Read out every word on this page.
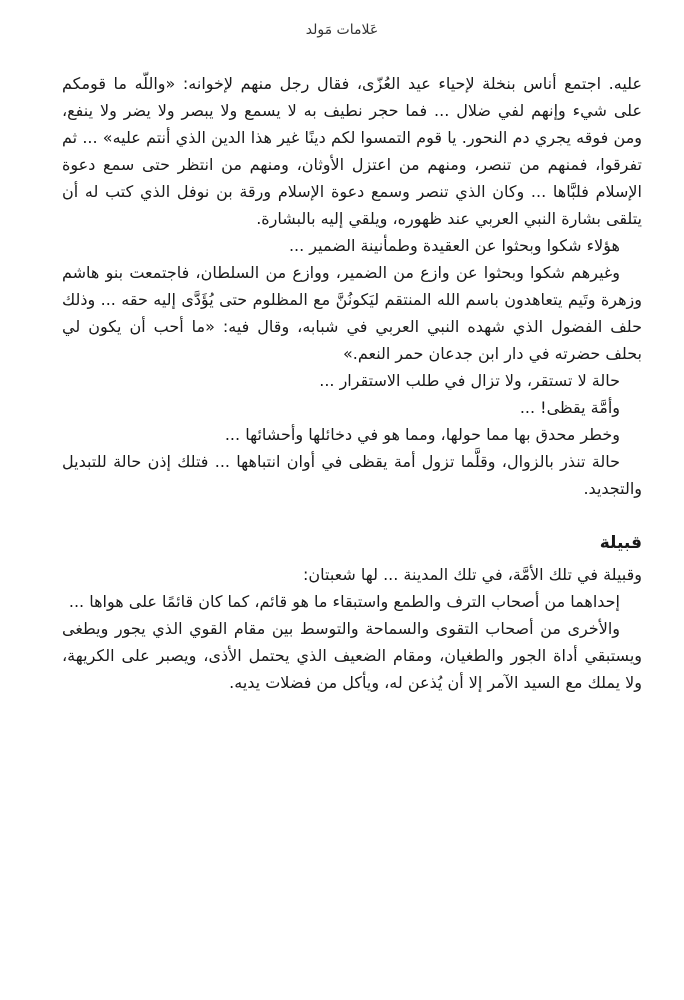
عَلامات مَولد

عليه. اجتمع أناس بنخلة لإحياء عيد العُزّى، فقال رجل منهم لإخوانه: «واللّه ما قومكم على شيء وإنهم لفي ضلال ... فما حجر نطيف به لا يسمع ولا يبصر ولا يضر ولا ينفع، ومن فوقه يجري دم النحور. يا قوم التمسوا لكم دينًا غير هذا الدين الذي أنتم عليه» ... ثم تفرقوا، فمنهم من تنصر، ومنهم من اعتزل الأوثان، ومنهم من انتظر حتى سمع دعوة الإسلام فلبَّاها ... وكان الذي تنصر وسمع دعوة الإسلام ورقة بن نوفل الذي كتب له أن يتلقى بشارة النبي العربي عند ظهوره، ويلقي إليه بالبشارة.

هؤلاء شكوا وبحثوا عن العقيدة وطمأنينة الضمير ...

وغيرهم شكوا وبحثوا عن وازع من الضمير، ووازع من السلطان، فاجتمعت بنو هاشم وزهرة وتَيم يتعاهدون باسم الله المنتقم ليَكونُنَّ مع المظلوم حتى يُؤَدَّى إليه حقه ... وذلك حلف الفضول الذي شهده النبي العربي في شبابه، وقال فيه: «ما أحب أن يكون لي بحلف حضرته في دار ابن جدعان حمر النعم.»

حالة لا تستقر، ولا تزال في طلب الاستقرار ...

وأمَّة يقظى! ...

وخطر محدق بها مما حولها، ومما هو في دخائلها وأحشائها ...

حالة تنذر بالزوال، وقلَّما تزول أمة يقظى في أوان انتباهها ... فتلك إذن حالة للتبديل والتجديد.

قبيلة

وقبيلة في تلك الأمَّة، في تلك المدينة ... لها شعبتان:

إحداهما من أصحاب الترف والطمع واستبقاء ما هو قائم، كما كان قائمًا على هواها ...

والأخرى من أصحاب التقوى والسماحة والتوسط بين مقام القوي الذي يجور ويطغى ويستبقي أداة الجور والطغيان، ومقام الضعيف الذي يحتمل الأذى، ويصبر على الكريهة، ولا يملك مع السيد الآمر إلا أن يُذعن له، ويأكل من فضلات يديه.
